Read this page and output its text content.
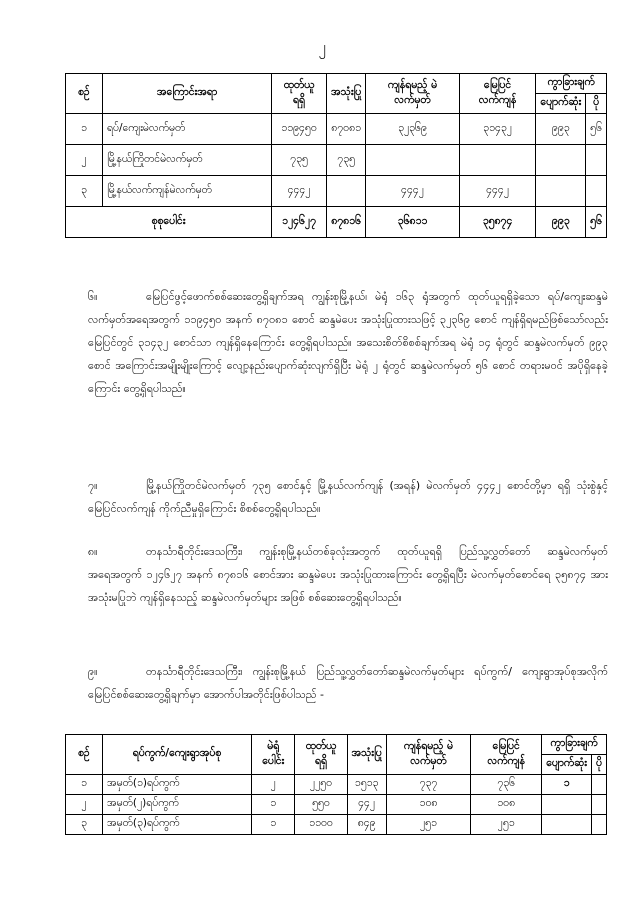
၂
စဉ်	အကြောင်းအရာ	ထုတ်ယူ ရရှိ	အသုံးပြု	ကျန်ရမည့် မဲလက်မှတ်	မြေပြင် လက်ကျန်	ကွာခြားချက်	
						ပျောက်ဆုံး	ပို
၁	ရပ်/ကျေးမဲလက်မှတ်	၁၁၉၄၅၀	၈၇၀၈၁	၃၂၃၆၉	၃၁၄၃၂	၉၉၃	၅၆
၂	မြို့နယ်ကြိုတင်မဲလက်မှတ်	၇၃၅	၇၃၅				
၃	မြို့နယ်လက်ကျန်မဲလက်မှတ်	၄၄၄၂		၄၄၄၂	၄၄၄၂		
စုစုပေါင်း		၁၂၄၆၂၇	၈၇၈၁၆	၃၆၈၁၁	၃၅၈၇၄	၉၉၃	၅၆
၆။	မြေပြင်ဖွင့်ဖောက်စစ်ဆေးတွေ့ရှိချက်အရ ကျွန်းစုမြို့နယ်၊ မဲရုံ ၁၆၃ ရုံအတွက် ထုတ်ယူရရှိခဲ့သော ရပ်/ကျေးဆန္ဒမဲလက်မှတ်အရေအတွက် ၁၁၉၄၅၀ အနက် ၈၇၀၈၁ စောင် ဆန္ဒမဲပေး အသုံးပြုထားသဖြင့် ၃၂၃၆၉ စောင် ကျန်ရှိရမည်ဖြစ်သော်လည်း မြေပြင်တွင် ၃၁၄၃၂ စောင်သာ ကျန်ရှိနေကြောင်း တွေ့ရှိရပါသည်။ အသေးစိတ်စိစစ်ချက်အရ မဲရုံ ၁၄ ရုံတွင် ဆန္ဒမဲလက်မှတ် ၉၉၃ စောင် အကြောင်းအမျိုးမျိုးကြောင့် လျော့နည်းပျောက်ဆုံးလျက်ရှိပြီး မဲရုံ ၂ ရုံတွင် ဆန္ဒမဲလက်မှတ် ၅၆ စောင် တရားမဝင် အပိုရှိနေခဲ့ကြောင်း တွေ့ရှိရပါသည်။
၇။	မြို့နယ်ကြိုတင်မဲလက်မှတ် ၇၃၅ စောင်နှင့် မြို့နယ်လက်ကျန် (အရန်) မဲလက်မှတ် ၄၄၄၂ စောင်တို့မှာ ရရှိ သုံးစွဲနှင့် မြေပြင်လက်ကျန် ကိုက်ညီမှုရှိကြောင်း စိစစ်တွေ့ရှိရပါသည်။
၈။	တနင်္သာရီတိုင်းဒေသကြီး၊ ကျွန်းစုမြို့နယ်တစ်ခုလုံးအတွက် ထုတ်ယူရရှိ ပြည်သူ့လွှတ်တော် ဆန္ဒမဲလက်မှတ်အရေအတွက် ၁၂၄၆၂၇ အနက် ၈၇၈၁၆ စောင်အား ဆန္ဒမဲပေး အသုံးပြုထားကြောင်း တွေ့ရှိရပြီး မဲလက်မှတ်စောင်ရေ ၃၅၈၇၄ အား အသုံးမပြုဘဲ ကျန်ရှိနေသည့် ဆန္ဒမဲလက်မှတ်များ အဖြစ် စစ်ဆေးတွေ့ရှိရပါသည်။
၉။	တနင်္သာရီတိုင်းဒေသကြီး၊ ကျွန်းစုမြို့နယ် ပြည်သူ့လွှတ်တော်ဆန္ဒမဲလက်မှတ်များ ရပ်ကွက်/ ကျေးရွာအုပ်စုအလိုက် မြေပြင်စစ်ဆေးတွေ့ရှိချက်မှာ အောက်ပါအတိုင်းဖြစ်ပါသည် -
စဉ်	ရပ်ကွက်/ကျေးရွာအုပ်စု	မဲရုံ ပေါင်း	ထုတ်ယူ ရရှိ	အသုံးပြု	ကျန်ရမည့် မဲလက်မှတ်	မြေပြင် လက်ကျန်	ကွာခြားချက်	
							ပျောက်ဆုံး	ပို
၁	အမှတ်(၁)ရပ်ကွက်	၂	၂၂၅၀	၁၅၁၃	၇၃၇	၇၃၆	၁	
၂	အမှတ်(၂)ရပ်ကွက်	၁	၅၅၀	၄၄၂	၁၀၈	၁၀၈		
၃	အမှတ်(၃)ရပ်ကွက်	၁	၁၁၀၀	၈၄၉	၂၅၁	၂၅၁		
